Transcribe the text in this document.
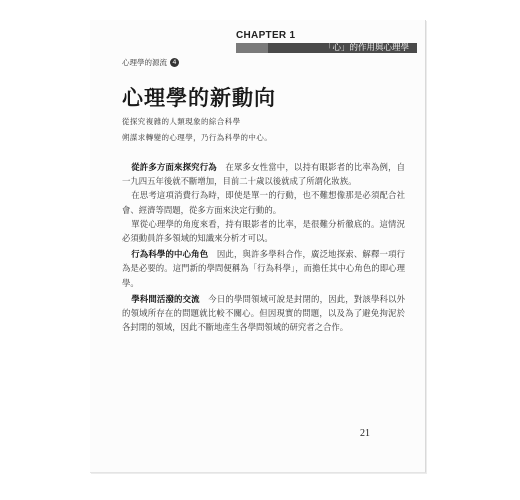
CHAPTER 1
「心」的作用與心理學
心理學的源流 4
心理學的新動向
從探究複雜的人類現象的綜合科學
朔謀求轉變的心理學，乃行為科學的中心。

從許多方面來探究行為　 在眾多女性當中，以持有眼影者的比率為例，自一九四五年後就不斷增加，目前二十歲以後就成了所謂化妝族。

在思考這項消費行為時，即使是單一的行動，也不難想像那是必須配合社會、經濟等問題，從多方面來決定行動的。

單從心理學的角度來看，持有眼影者的比率，是很難分析徹底的。這情況必須動員許多領域的知識來分析才可以。

行為科學的中心角色　 因此，與許多學科合作，廣泛地探索、解釋一項行為是必要的。這門新的學問便稱為「行為科學」，而擔任其中心角色的即心理學。

學科間活潑的交流　 今日的學問領域可說是封閉的，因此，對該學科以外的領域所存在的問題就比較不關心。但因現實的問題，以及為了避免拘泥於各封閉的領域，因此不斷地產生各學問領域的研究者之合作。

21
